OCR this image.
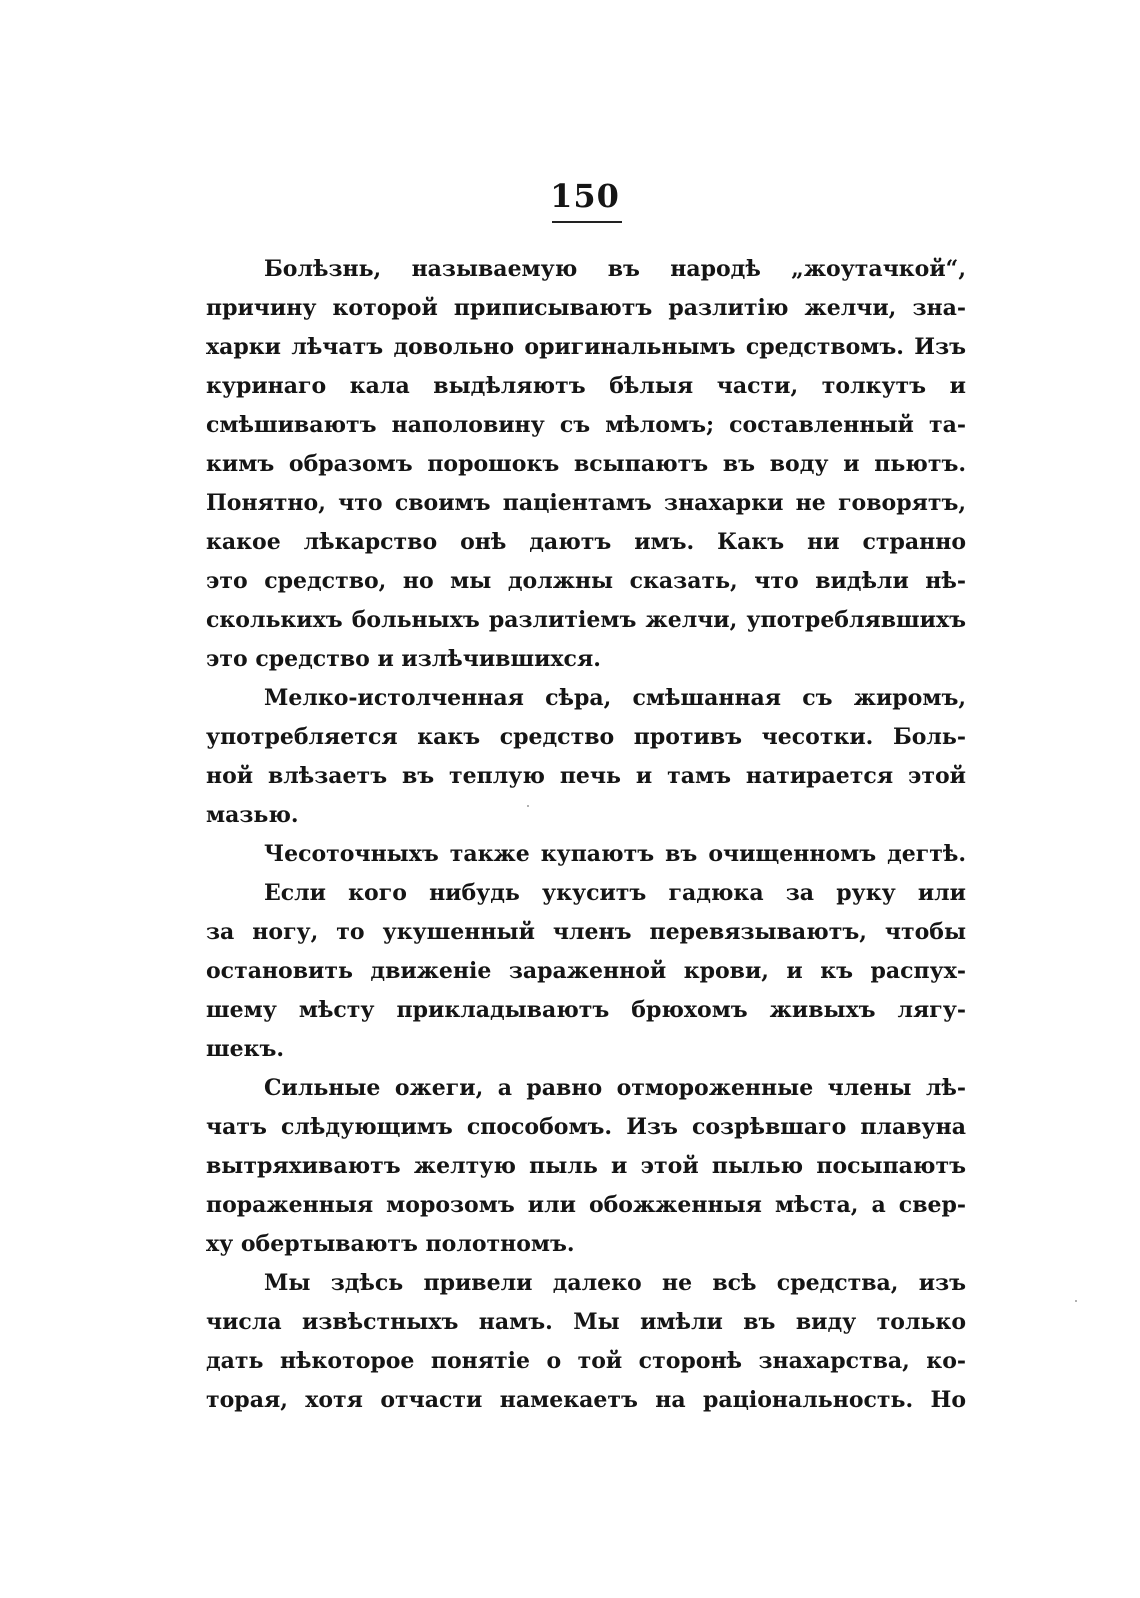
150
Болѣзнь, называемую въ народѣ „жоутачкой“,
причину которой приписываютъ разлитію желчи, зна-
харки лѣчатъ довольно оригинальнымъ средствомъ. Изъ
куринаго кала выдѣляютъ бѣлыя части, толкутъ и
смѣшиваютъ наполовину съ мѣломъ; составленный та-
кимъ образомъ порошокъ всыпаютъ въ воду и пьютъ.
Понятно, что своимъ паціентамъ знахарки не говорятъ,
какое лѣкарство онѣ даютъ имъ. Какъ ни странно
это средство, но мы должны сказать, что видѣли нѣ-
сколькихъ больныхъ разлитіемъ желчи, употреблявшихъ
это средство и излѣчившихся.
Мелко-истолченная сѣра, смѣшанная съ жиромъ,
употребляется какъ средство противъ чесотки. Боль-
ной влѣзаетъ въ теплую печь и тамъ натирается этой
мазью.
Чесоточныхъ также купаютъ въ очищенномъ дегтѣ.
Если кого нибудь укуситъ гадюка за руку или
за ногу, то укушенный членъ перевязываютъ, чтобы
остановить движеніе зараженной крови, и къ распух-
шему мѣсту прикладываютъ брюхомъ живыхъ лягу-
шекъ.
Сильные ожеги, а равно отмороженные члены лѣ-
чатъ слѣдующимъ способомъ. Изъ созрѣвшаго плавуна
вытряхиваютъ желтую пыль и этой пылью посыпаютъ
пораженныя морозомъ или обожженныя мѣста, а свер-
ху обертываютъ полотномъ.
Мы здѣсь привели далеко не всѣ средства, изъ
числа извѣстныхъ намъ. Мы имѣли въ виду только
дать нѣкоторое понятіе о той сторонѣ знахарства, ко-
торая, хотя отчасти намекаетъ на раціональность. Но
